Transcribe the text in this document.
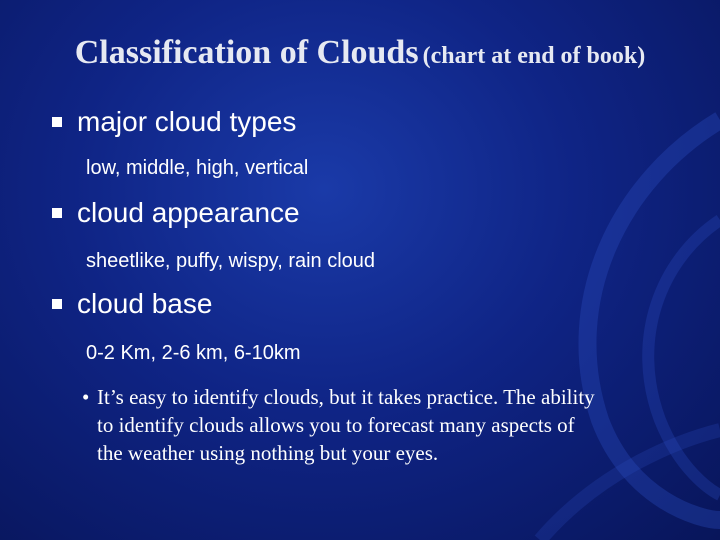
Classification of Clouds (chart at end of book)
major cloud types
low, middle, high, vertical
cloud appearance
sheetlike, puffy, wispy, rain cloud
cloud base
0-2 Km, 2-6 km, 6-10km
• It’s easy to identify clouds, but it takes practice. The ability to identify clouds allows you to forecast many aspects of the weather using nothing but your eyes.
